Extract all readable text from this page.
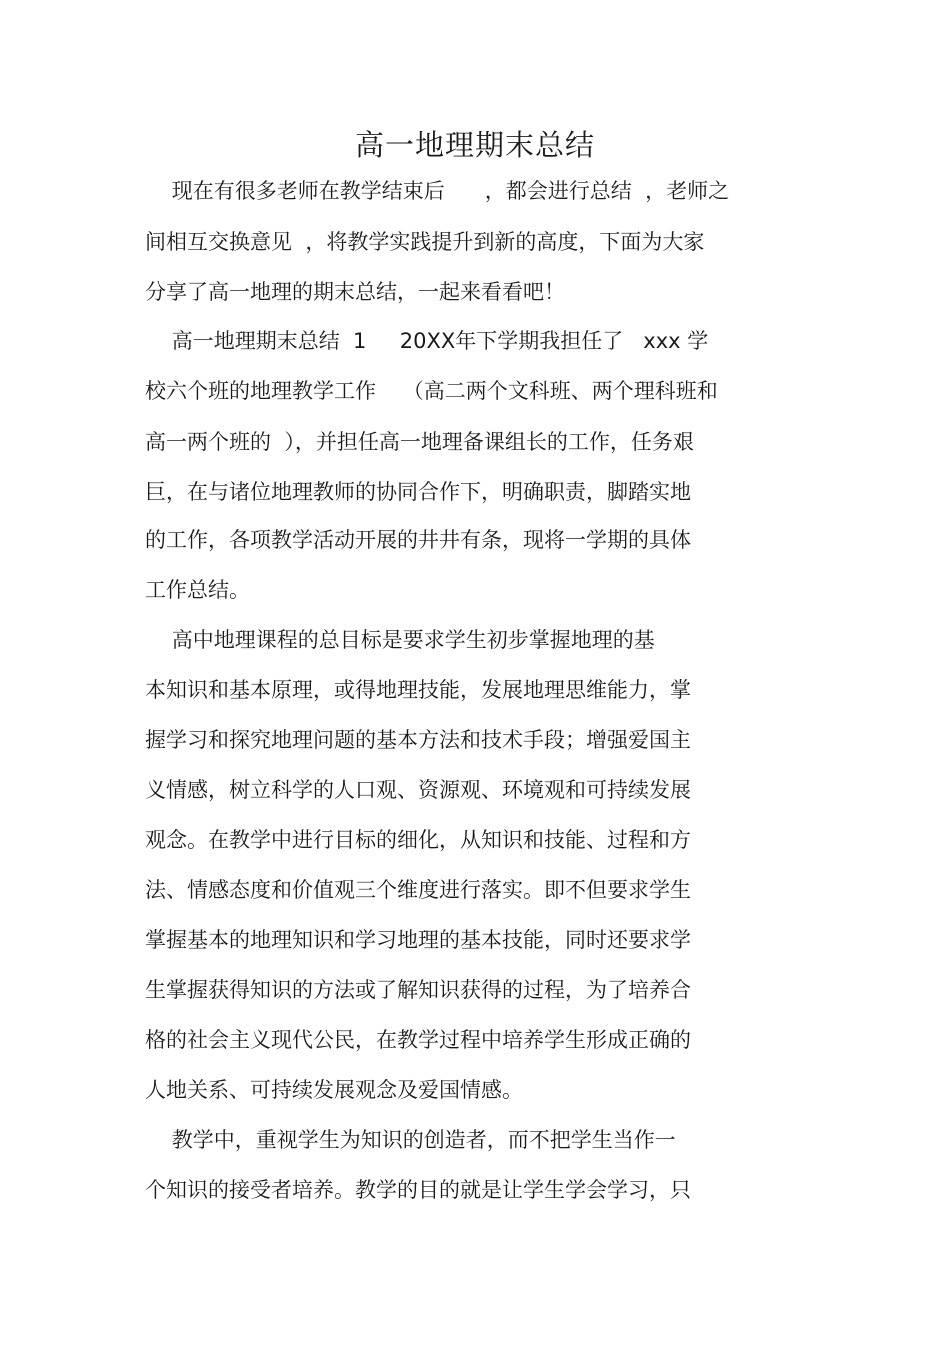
高一地理期末总结

现在有很多老师在教学结束后      ，都会进行总结  ，老师之

间相互交换意见  ，将教学实践提升到新的高度，下面为大家

分享了高一地理的期末总结，一起来看看吧！

高一地理期末总结  1     20XX年下学期我担任了   xxx 学

校六个班的地理教学工作    （高二两个文科班、两个理科班和

高一两个班的  ），并担任高一地理备课组长的工作，任务艰

巨，在与诸位地理教师的协同合作下，明确职责，脚踏实地

的工作，各项教学活动开展的井井有条，现将一学期的具体

工作总结。

高中地理课程的总目标是要求学生初步掌握地理的基

本知识和基本原理，或得地理技能，发展地理思维能力，掌

握学习和探究地理问题的基本方法和技术手段；增强爱国主

义情感，树立科学的人口观、资源观、环境观和可持续发展

观念。在教学中进行目标的细化，从知识和技能、过程和方

法、情感态度和价值观三个维度进行落实。即不但要求学生

掌握基本的地理知识和学习地理的基本技能，同时还要求学

生掌握获得知识的方法或了解知识获得的过程，为了培养合

格的社会主义现代公民，在教学过程中培养学生形成正确的

人地关系、可持续发展观念及爱国情感。

教学中，重视学生为知识的创造者，而不把学生当作一

个知识的接受者培养。教学的目的就是让学生学会学习，只
